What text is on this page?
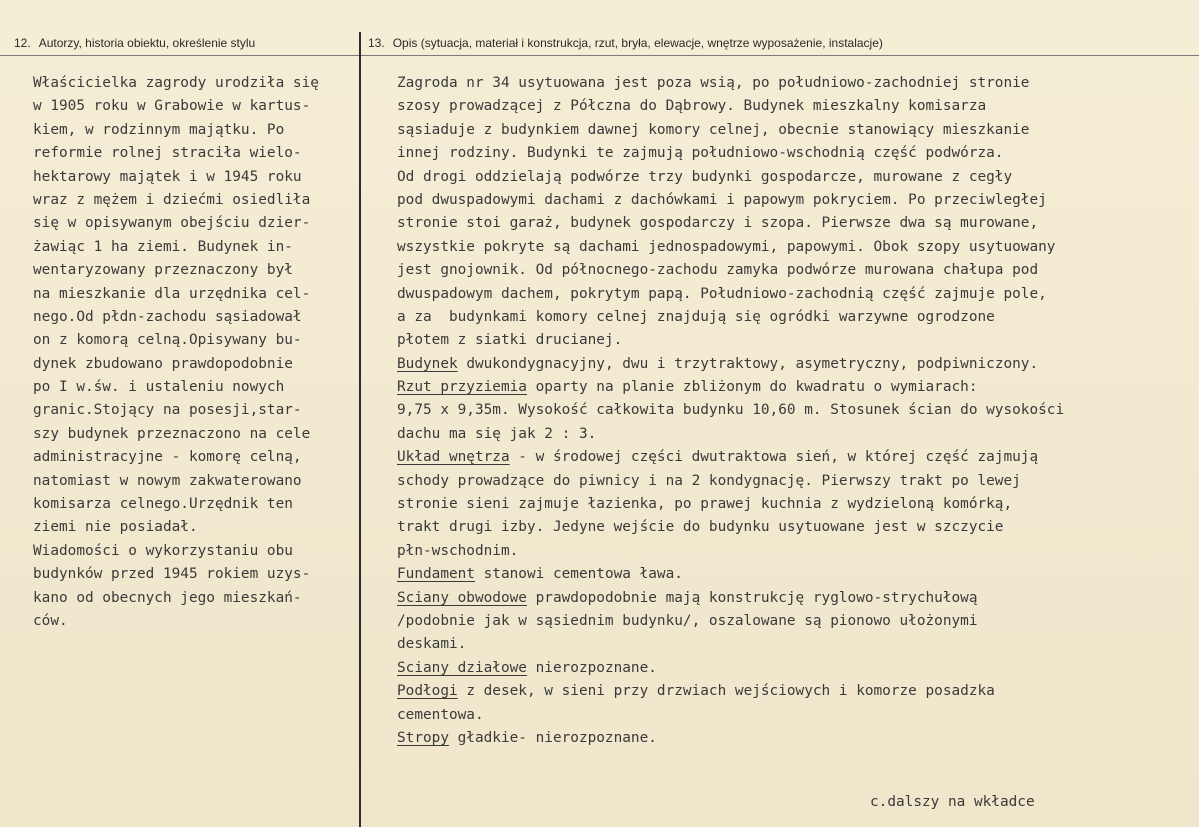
12. Autorzy, historia obiektu, określenie stylu	13. Opis (sytuacja, materiał i konstrukcja, rzut, bryła, elewacje, wnętrze wyposażenie, instalacje)
Właścicielka zagrody urodziła się
w 1905 roku w Grabowie w kartus-
kiem, w rodzinnym majątku. Po
reformie rolnej straciła wielo-
hektarowy majątek i w 1945 roku
wraz z mężem i dziećmi osiedliła
się w opisywanym obejściu dzier-
żawiąc 1 ha ziemi. Budynek in-
wentaryzowany przeznaczony był
na mieszkanie dla urzędnika cel-
nego.Od płdn-zachodu sąsiadował
on z komorą celną.Opisywany bu-
dynek zbudowano prawdopodobnie
po I w.św. i ustaleniu nowych
granic.Stojący na posesji,star-
szy budynek przeznaczono na cele
administracyjne - komorę celną,
natomiast w nowym zakwaterowano
komisarza celnego.Urzędnik ten
ziemi nie posiadał.
Wiadomości o wykorzystaniu obu
budynków przed 1945 rokiem uzys-
kano od obecnych jego mieszkań-
ców.
Zagroda nr 34 usytuowana jest poza wsią, po południowo-zachodniej stronie
szosy prowadzącej z Półczna do Dąbrowy. Budynek mieszkalny komisarza
sąsiaduje z budynkiem dawnej komory celnej, obecnie stanowiący mieszkanie
innej rodziny. Budynki te zajmują południowo-wschodnią część podwórza.
Od drogi oddzielają podwórze trzy budynki gospodarcze, murowane z cegły
pod dwuspadowymi dachami z dachówkami i papowym pokryciem. Po przeciwległej
stronie stoi garaż, budynek gospodarczy i szopa. Pierwsze dwa są murowane,
wszystkie pokryte są dachami jednospadowymi, papowymi. Obok szopy usytuowany
jest gnojownik. Od północnego-zachodu zamyka podwórze murowana chałupa pod
dwuspadowym dachem, pokrytym papą. Południowo-zachodnią część zajmuje pole,
a za  budynkami komory celnej znajdują się ogródki warzywne ogrodzone
płotem z siatki drucianej.
Budynek dwukondygnacyjny, dwu i trzytraktowy, asymetryczny, podpiwniczony.
Rzut przyziemia oparty na planie zbliżonym do kwadratu o wymiarach:
9,75 x 9,35m. Wysokość całkowita budynku 10,60 m. Stosunek ścian do wysokości
dachu ma się jak 2 : 3.
Układ wnętrza - w środowej części dwutraktowa sień, w której część zajmują
schody prowadzące do piwnicy i na 2 kondygnację. Pierwszy trakt po lewej
stronie sieni zajmuje łazienka, po prawej kuchnia z wydzieloną komórką,
trakt drugi izby. Jedyne wejście do budynku usytuowane jest w szczycie
płn-wschodnim.
Fundament stanowi cementowa ława.
Sciany obwodowe prawdopodobnie mają konstrukcję ryglowo-strychułową
/podobnie jak w sąsiednim budynku/, oszalowane są pionowo ułożonymi
deskami.
Sciany działowe nierozpoznane.
Podłogi z desek, w sieni przy drzwiach wejściowych i komorze posadzka
cementowa.
Stropy gładkie- nierozpoznane.
c.dalszy na wkładce
